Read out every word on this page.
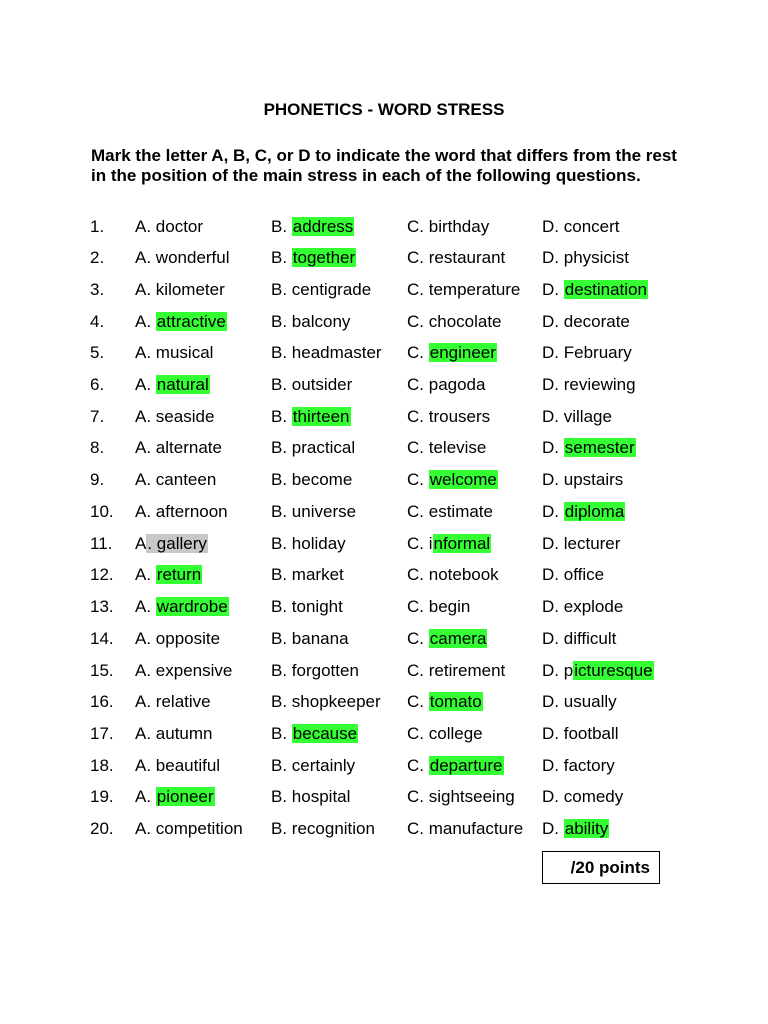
PHONETICS - WORD STRESS
Mark the letter A, B, C, or D to indicate the word that differs from the rest in the position of the main stress in each of the following questions.
1. A. doctor	B. address	C. birthday	D. concert
2. A. wonderful B. together	C. restaurant D. physicist
3. A. kilometer	B. centigrade C. temperature D. destination
4. A. attractive	B. balcony	C. chocolate D. decorate
5. A. musical	B. headmaster C. engineer	D. February
6. A. natural	B. outsider	C. pagoda	D. reviewing
7. A. seaside	B. thirteen	C. trousers	D. village
8. A. alternate	B. practical	C. televise	D. semester
9. A. canteen	B. become	C. welcome	D. upstairs
10. A. afternoon	B. universe	C. estimate	D. diploma
11. A. gallery	B. holiday	C. informal	D. lecturer
12. A. return	B. market	C. notebook	D. office
13. A. wardrobe	B. tonight	C. begin	D. explode
14. A. opposite	B. banana	C. camera	D. difficult
15. A. expensive B. forgotten	C. retirement D. picturesque
16. A. relative	B. shopkeeper C. tomato	D. usually
17. A. autumn	B. because	C. college	D. football
18. A. beautiful	B. certainly	C. departure D. factory
19. A. pioneer	B. hospital	C. sightseeing D. comedy
20. A. competition B. recognition C. manufacture D. ability
/20 points
